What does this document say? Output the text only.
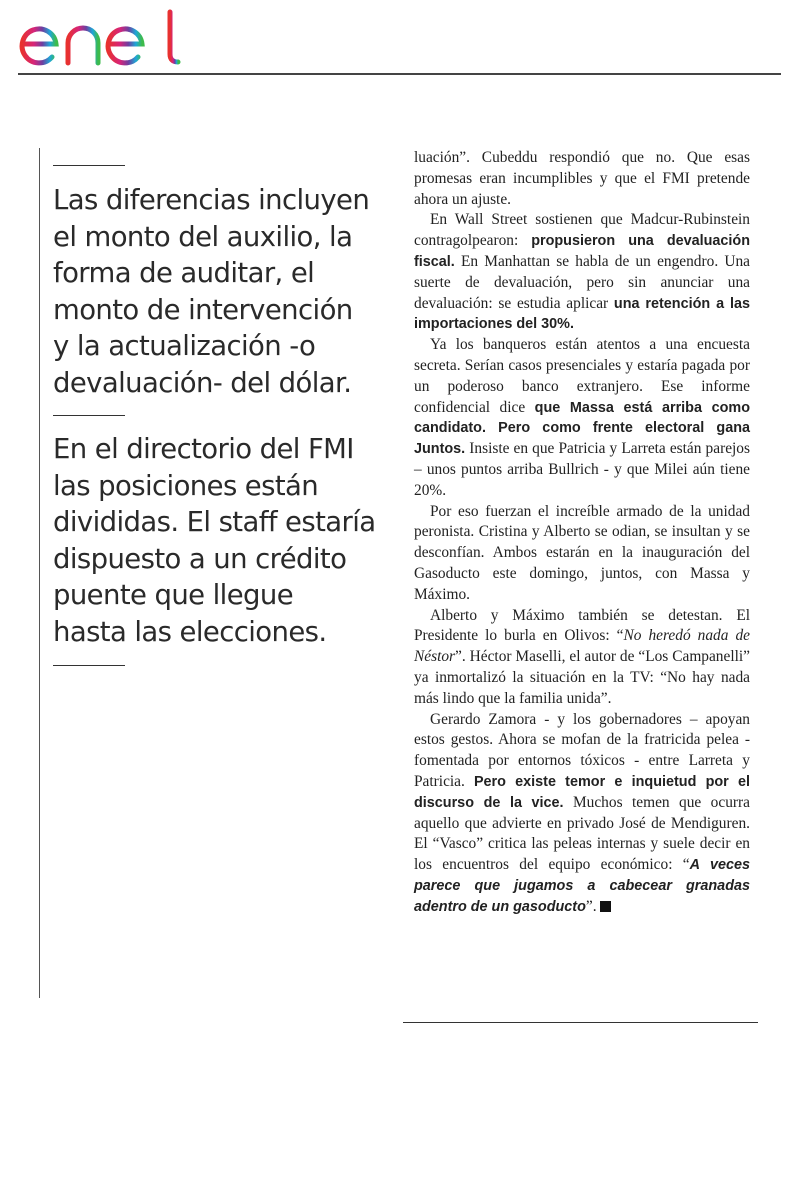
Las diferencias incluyen
el monto del auxilio, la
forma de auditar, el
monto de intervención
y la actualización -o
devaluación- del dólar.
En el directorio del FMI
las posiciones están
divididas. El staff estaría
dispuesto a un crédito
puente que llegue
hasta las elecciones.

luación”. Cubeddu respondió que no. Que esas promesas eran incumplibles y que el FMI pretende ahora un ajuste.

En Wall Street sostienen que Madcur-Rubinstein contragolpearon: propusieron una devaluación fiscal. En Manhattan se habla de un engendro. Una suerte de devaluación, pero sin anunciar una devaluación: se estudia aplicar una retención a las importaciones del 30%.

Ya los banqueros están atentos a una encuesta secreta. Serían casos presenciales y estaría pagada por un poderoso banco extranjero. Ese informe confidencial dice que Massa está arriba como candidato. Pero como frente electoral gana Juntos. Insiste en que Patricia y Larreta están parejos – unos puntos arriba Bullrich - y que Milei aún tiene 20%.

Por eso fuerzan el increíble armado de la unidad peronista. Cristina y Alberto se odian, se insultan y se desconfían. Ambos estarán en la inauguración del Gasoducto este domingo, juntos, con Massa y Máximo.

Alberto y Máximo también se detestan. El Presidente lo burla en Olivos: “No heredó nada de Néstor”. Héctor Maselli, el autor de “Los Campanelli” ya inmortalizó la situación en la TV: “No hay nada más lindo que la familia unida”.

Gerardo Zamora - y los gobernadores – apoyan estos gestos. Ahora se mofan de la fratricida pelea -fomentada por entornos tóxicos - entre Larreta y Patricia. Pero existe temor e inquietud por el discurso de la vice. Muchos temen que ocurra aquello que advierte en privado José de Mendiguren. El “Vasco” critica las peleas internas y suele decir en los encuentros del equipo económico: “A veces parece que jugamos a cabecear granadas adentro de un gasoducto”.
